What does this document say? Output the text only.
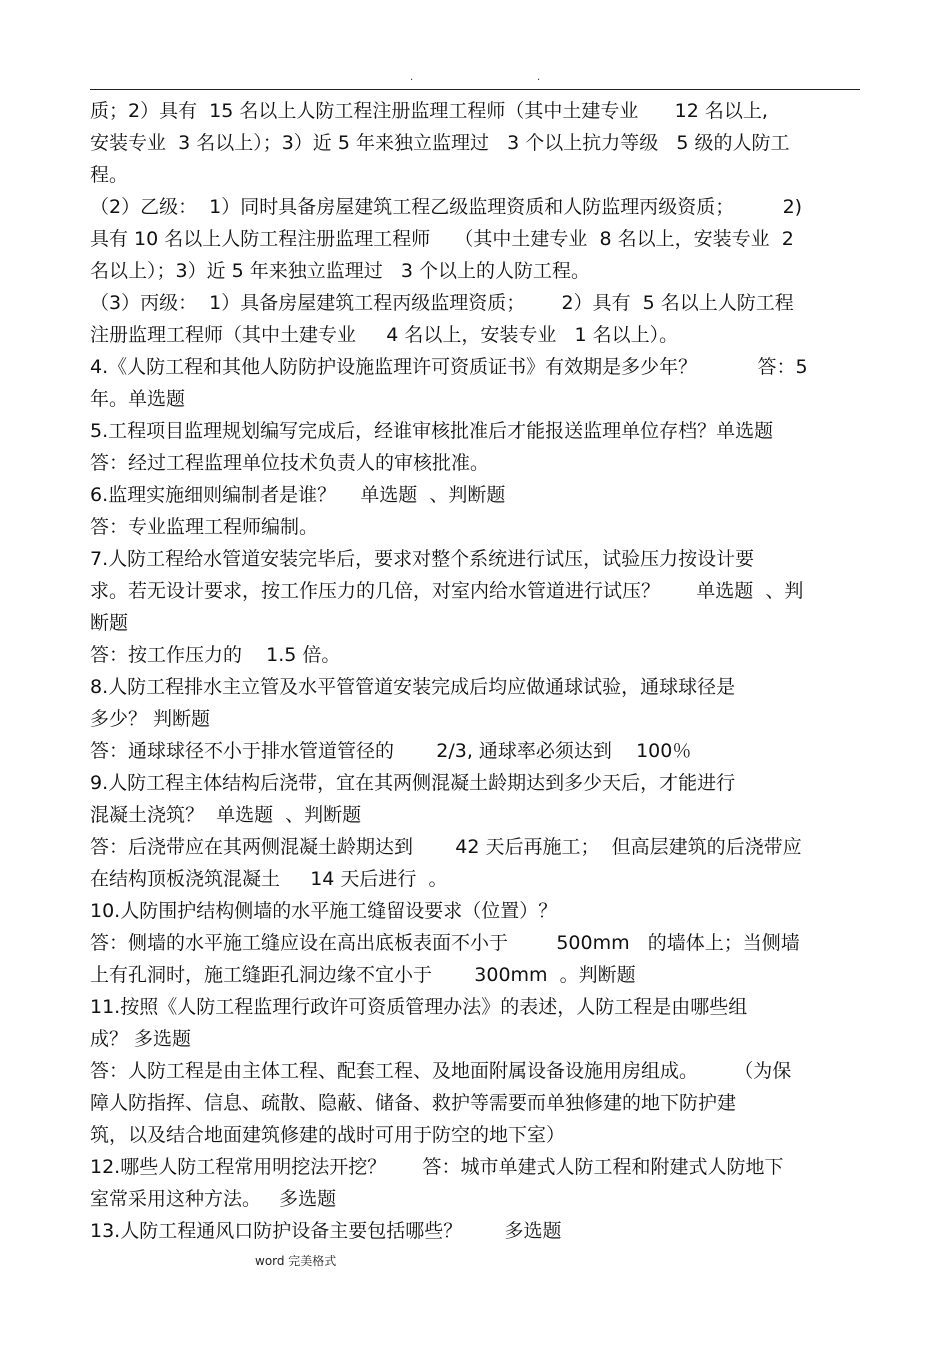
.	.
质；2）具有  15 名以上人防工程注册监理工程师（其中土建专业      12 名以上,
安装专业  3 名以上）；3）近 5 年来独立监理过   3 个以上抗力等级   5 级的人防工
程。
（2）乙级：  1）同时具备房屋建筑工程乙级监理资质和人防监理丙级资质；        2)
具有 10 名以上人防工程注册监理工程师    （其中土建专业  8 名以上，安装专业  2
名以上）；3）近 5 年来独立监理过   3 个以上的人防工程。
（3）丙级：  1）具备房屋建筑工程丙级监理资质；      2）具有  5 名以上人防工程
注册监理工程师（其中土建专业     4 名以上，安装专业   1 名以上）。
4.《人防工程和其他人防防护设施监理许可资质证书》有效期是多少年？          答：5
年。单选题
5.工程项目监理规划编写完成后，经谁审核批准后才能报送监理单位存档？单选题
答：经过工程监理单位技术负责人的审核批准。
6.监理实施细则编制者是谁？    单选题  、判断题
答：专业监理工程师编制。
7.人防工程给水管道安装完毕后，要求对整个系统进行试压，试验压力按设计要
求。若无设计要求，按工作压力的几倍，对室内给水管道进行试压？      单选题  、判
断题
答：按工作压力的    1.5 倍。
8.人防工程排水主立管及水平管管道安装完成后均应做通球试验，通球球径是
多少？ 判断题
答：通球球径不小于排水管道管径的       2/3, 通球率必须达到    100％
9.人防工程主体结构后浇带，宜在其两侧混凝土龄期达到多少天后，才能进行
混凝土浇筑？  单选题  、判断题
答：后浇带应在其两侧混凝土龄期达到       42 天后再施工；  但高层建筑的后浇带应
在结构顶板浇筑混凝土     14 天后进行  。
10.人防围护结构侧墙的水平施工缝留设要求（位置）？
答：侧墙的水平施工缝应设在高出底板表面不小于        500mm   的墙体上；当侧墙
上有孔洞时，施工缝距孔洞边缘不宜小于       300mm  。判断题
11.按照《人防工程监理行政许可资质管理办法》的表述，人防工程是由哪些组
成？ 多选题
答：人防工程是由主体工程、配套工程、及地面附属设备设施用房组成。      （为保
障人防指挥、信息、疏散、隐蔽、储备、救护等需要而单独修建的地下防护建
筑，以及结合地面建筑修建的战时可用于防空的地下室）
12.哪些人防工程常用明挖法开挖？      答：城市单建式人防工程和附建式人防地下
室常采用这种方法。   多选题
13.人防工程通风口防护设备主要包括哪些？       多选题
word 完美格式
